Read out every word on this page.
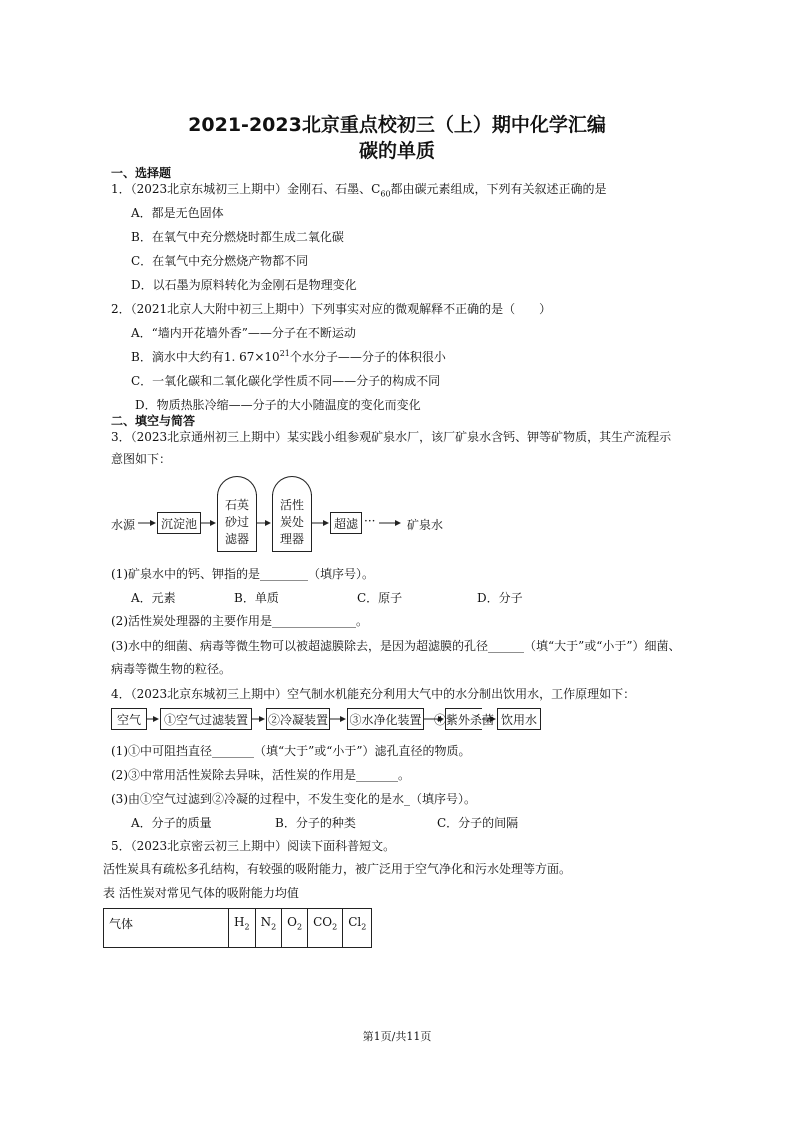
2021-2023北京重点校初三（上）期中化学汇编
碳的单质
一、选择题
1．（2023北京东城初三上期中）金刚石、石墨、$C_{60}$都由碳元素组成，下列有关叙述正确的是
A．都是无色固体
B．在氧气中充分燃烧时都生成二氧化碳
C．在氧气中充分燃烧产物都不同
D．以石墨为原料转化为金刚石是物理变化
2．（2021北京人大附中初三上期中）下列事实对应的微观解释不正确的是（　　）
A．“墙内开花墙外香”——分子在不断运动
B．滴水中大约有1. $67\times 10^{21}$个水分子——分子的体积很小
C．一氧化碳和二氧化碳化学性质不同——分子的构成不同
D．物质热胀冷缩——分子的大小随温度的变化而变化
二、填空与简答
3．（2023北京通州初三上期中）某实践小组参观矿泉水厂，该厂矿泉水含钙、钾等矿物质，其生产流程示
意图如下：
水源	沉淀池
石英
砂过
滤器
活性
炭处
理器
超滤 ···	矿泉水
(1)矿泉水中的钙、钾指的是________（填序号）。
A．元素	B．单质	C．原子	D．分子
(2)活性炭处理器的主要作用是______________。
(3)水中的细菌、病毒等微生物可以被超滤膜除去，是因为超滤膜的孔径______（填“大于”或“小于”）细菌、
病毒等微生物的粒径。
4．（2023北京东城初三上期中）空气制水机能充分利用大气中的水分制出饮用水，工作原理如下：
空气	①空气过滤装置	②冷凝装置 ③水净化装置 ④紫外杀菌 饮用水
(1)①中可阻挡直径_______（填“大于”或“小于”）滤孔直径的物质。
(2)③中常用活性炭除去异味，活性炭的作用是_______。
(3)由①空气过滤到②冷凝的过程中，不发生变化的是水_（填序号）。
A．分子的质量	B．分子的种类	C．分子的间隔
5．（2023北京密云初三上期中）阅读下面科普短文。
活性炭具有疏松多孔结构，有较强的吸附能力，被广泛用于空气净化和污水处理等方面。
表 活性炭对常见气体的吸附能力均值
气体	$H_2$	$N_2$	$O_2$	$CO_2$	$Cl_2$
第1页/共11页
